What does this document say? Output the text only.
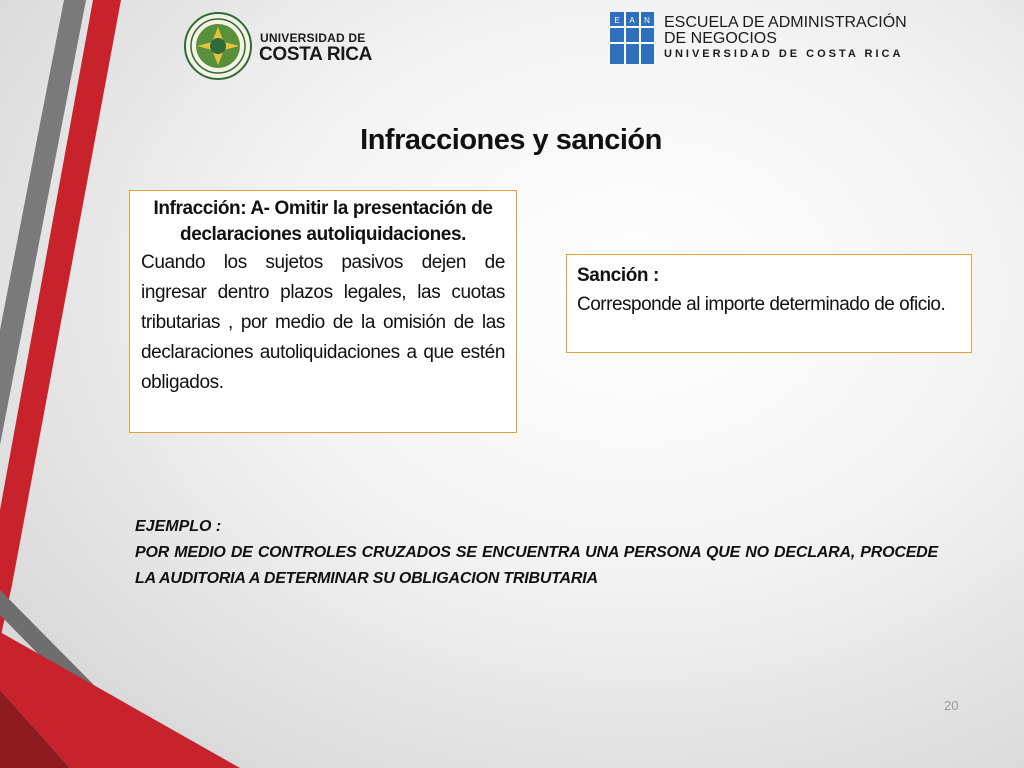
UNIVERSIDAD DE
COSTA RICA
E A N ESCUELA DE ADMINISTRACIÓN
DE NEGOCIOS
UNIVERSIDAD DE COSTA RICA
Infracciones y sanción
Infracción: A- Omitir la presentación de declaraciones autoliquidaciones.
Cuando los sujetos pasivos dejen de ingresar dentro plazos legales, las cuotas tributarias , por medio de la omisión de las declaraciones autoliquidaciones a que estén obligados.
Sanción :
Corresponde al importe determinado de oficio.
EJEMPLO :
POR MEDIO DE CONTROLES CRUZADOS SE ENCUENTRA UNA PERSONA QUE NO DECLARA, PROCEDE LA AUDITORIA A DETERMINAR SU OBLIGACION TRIBUTARIA
20
